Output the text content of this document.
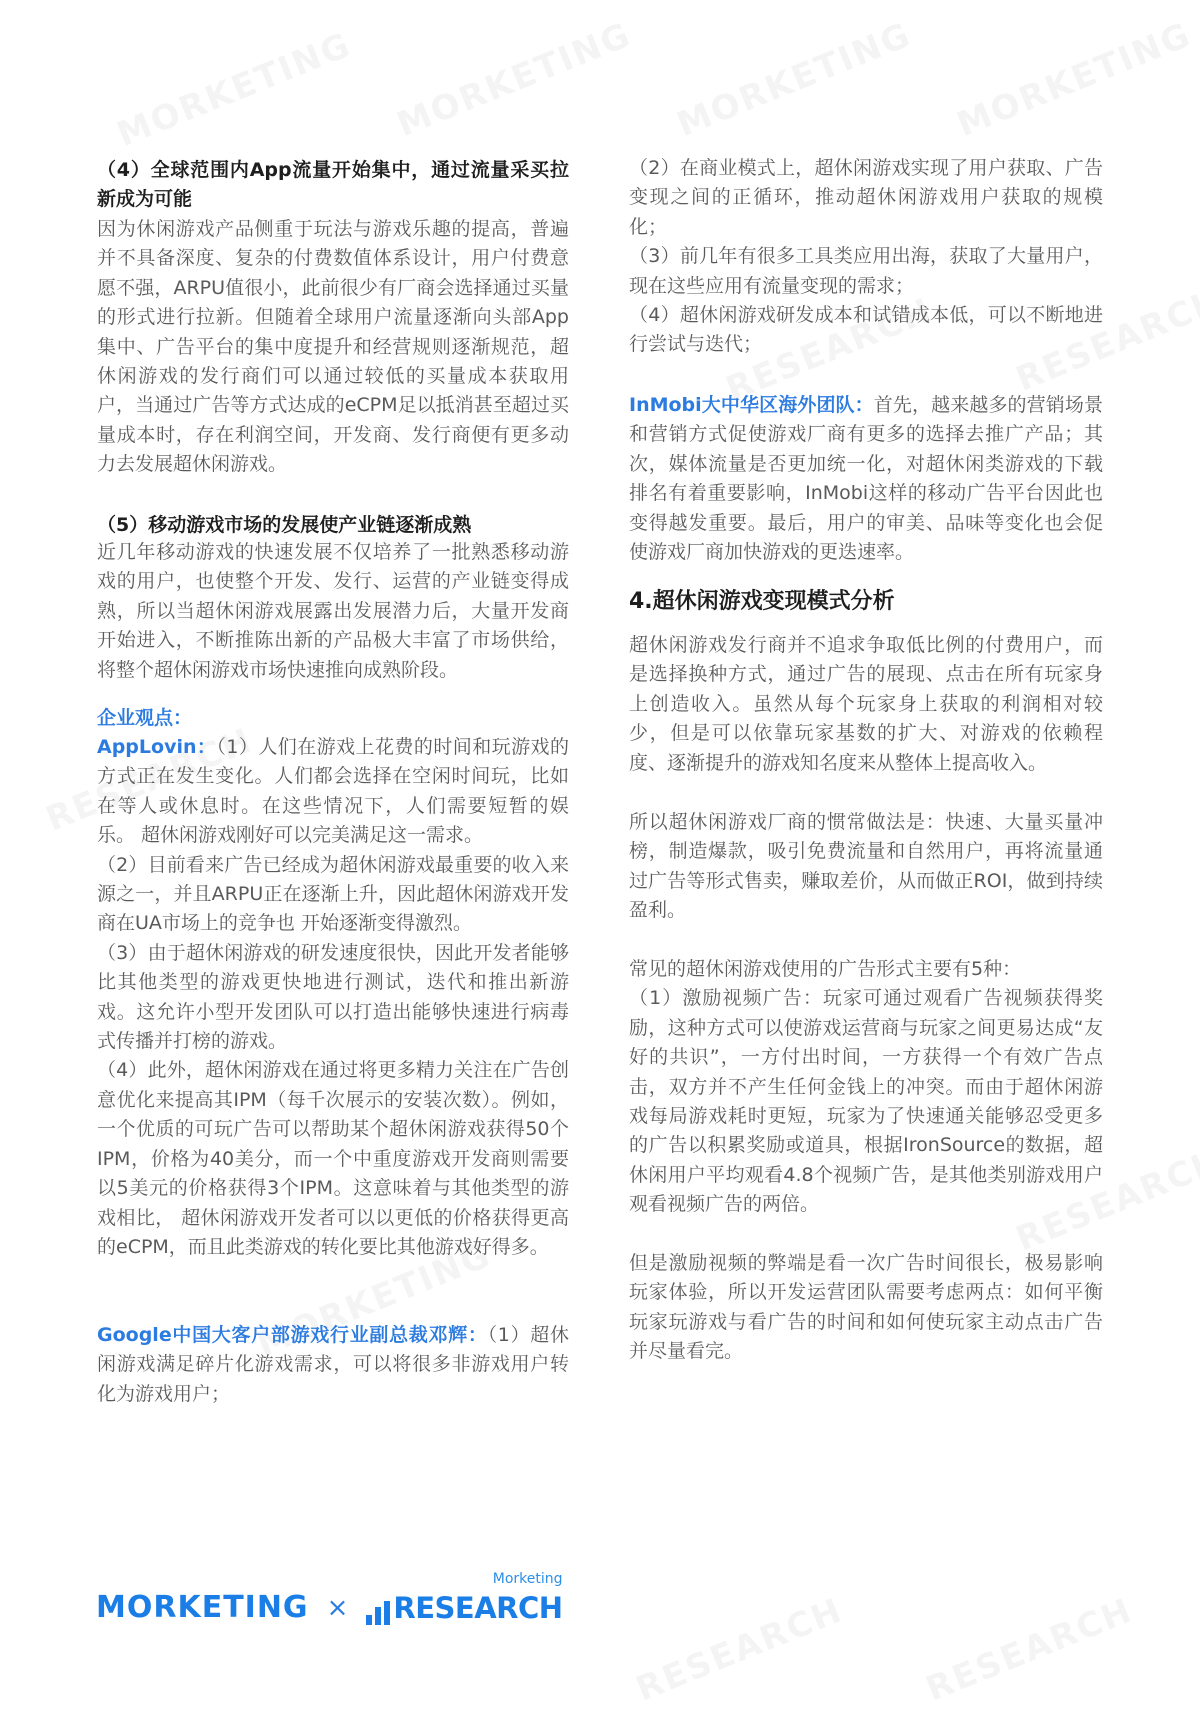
（4）全球范围内App流量开始集中，通过流量采买拉新成为可能
因为休闲游戏产品侧重于玩法与游戏乐趣的提高，普遍并不具备深度、复杂的付费数值体系设计，用户付费意愿不强，ARPU值很小，此前很少有厂商会选择通过买量的形式进行拉新。但随着全球用户流量逐渐向头部App集中、广告平台的集中度提升和经营规则逐渐规范，超休闲游戏的发行商们可以通过较低的买量成本获取用户，当通过广告等方式达成的eCPM足以抵消甚至超过买量成本时，存在利润空间，开发商、发行商便有更多动力去发展超休闲游戏。
（5）移动游戏市场的发展使产业链逐渐成熟
近几年移动游戏的快速发展不仅培养了一批熟悉移动游戏的用户，也使整个开发、发行、运营的产业链变得成熟，所以当超休闲游戏展露出发展潜力后，大量开发商开始进入，不断推陈出新的产品极大丰富了市场供给，将整个超休闲游戏市场快速推向成熟阶段。
企业观点：
AppLovin：（1）人们在游戏上花费的时间和玩游戏的方式正在发生变化。人们都会选择在空闲时间玩，比如在等人或休息时。在这些情况下，人们需要短暂的娱乐。 超休闲游戏刚好可以完美满足这一需求。
（2）目前看来广告已经成为超休闲游戏最重要的收入来源之一，并且ARPU正在逐渐上升，因此超休闲游戏开发商在UA市场上的竞争也 开始逐渐变得激烈。
（3）由于超休闲游戏的研发速度很快，因此开发者能够比其他类型的游戏更快地进行测试，迭代和推出新游戏。这允许小型开发团队可以打造出能够快速进行病毒式传播并打榜的游戏。
（4）此外，超休闲游戏在通过将更多精力关注在广告创意优化来提高其IPM（每千次展示的安装次数）。例如，一个优质的可玩广告可以帮助某个超休闲游戏获得50个IPM，价格为40美分，而一个中重度游戏开发商则需要以5美元的价格获得3个IPM。这意味着与其他类型的游戏相比， 超休闲游戏开发者可以以更低的价格获得更高的eCPM，而且此类游戏的转化要比其他游戏好得多。
Google中国大客户部游戏行业副总裁邓辉：（1）超休闲游戏满足碎片化游戏需求，可以将很多非游戏用户转化为游戏用户；
（2）在商业模式上，超休闲游戏实现了用户获取、广告变现之间的正循环，推动超休闲游戏用户获取的规模化；
（3）前几年有很多工具类应用出海，获取了大量用户，现在这些应用有流量变现的需求；
（4）超休闲游戏研发成本和试错成本低，可以不断地进行尝试与迭代；
InMobi大中华区海外团队：首先，越来越多的营销场景和营销方式促使游戏厂商有更多的选择去推广产品；其次，媒体流量是否更加统一化，对超休闲类游戏的下载排名有着重要影响，InMobi这样的移动广告平台因此也变得越发重要。最后，用户的审美、品味等变化也会促使游戏厂商加快游戏的更迭速率。
4.超休闲游戏变现模式分析
超休闲游戏发行商并不追求争取低比例的付费用户，而是选择换种方式，通过广告的展现、点击在所有玩家身上创造收入。虽然从每个玩家身上获取的利润相对较少，但是可以依靠玩家基数的扩大、对游戏的依赖程度、逐渐提升的游戏知名度来从整体上提高收入。
所以超休闲游戏厂商的惯常做法是：快速、大量买量冲榜，制造爆款，吸引免费流量和自然用户，再将流量通过广告等形式售卖，赚取差价，从而做正ROI，做到持续盈利。
常见的超休闲游戏使用的广告形式主要有5种：
（1）激励视频广告：玩家可通过观看广告视频获得奖励，这种方式可以使游戏运营商与玩家之间更易达成“友好的共识”，一方付出时间，一方获得一个有效广告点击，双方并不产生任何金钱上的冲突。而由于超休闲游戏每局游戏耗时更短，玩家为了快速通关能够忍受更多的广告以积累奖励或道具，根据IronSource的数据，超休闲用户平均观看4.8个视频广告，是其他类别游戏用户观看视频广告的两倍。
但是激励视频的弊端是看一次广告时间很长，极易影响玩家体验，所以开发运营团队需要考虑两点：如何平衡玩家玩游戏与看广告的时间和如何使玩家主动点击广告并尽量看完。
MORKETING × RESEARCH
Morketing
